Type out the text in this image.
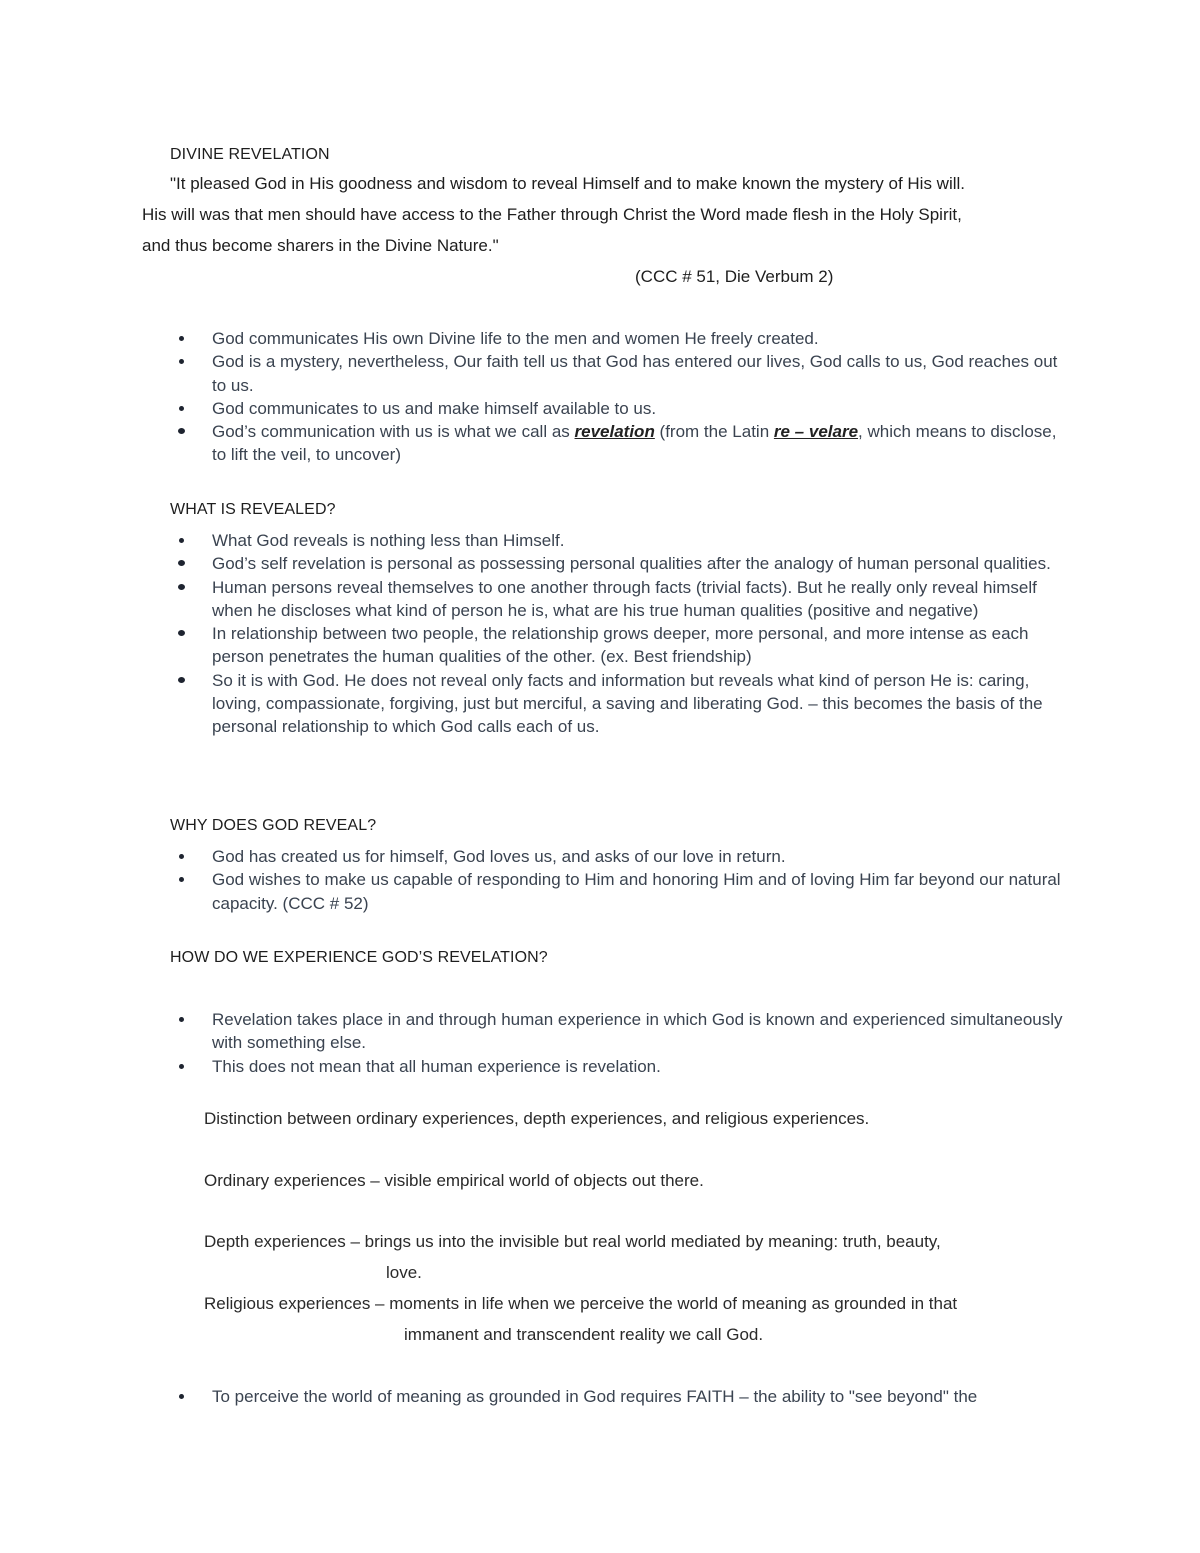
DIVINE REVELATION
"It pleased God in His goodness and wisdom to reveal Himself and to make known the mystery of His will.
His will was that men should have access to the Father through Christ the Word made flesh in the Holy Spirit,
and thus become sharers in the Divine Nature."
(CCC # 51, Die Verbum 2)
God communicates His own Divine life to the men and women He freely created.
God is a mystery, nevertheless, Our faith tell us that God has entered our lives, God calls to us, God reaches out to us.
God communicates to us and make himself available to us.
God’s communication with us is what we call as revelation (from the Latin re – velare, which means to disclose, to lift the veil, to uncover)
WHAT IS REVEALED?
What God reveals is nothing less than Himself.
God’s self revelation is personal as possessing personal qualities after the analogy of human personal qualities.
Human persons reveal themselves to one another through facts (trivial facts). But he really only reveal himself when he discloses what kind of person he is, what are his true human qualities (positive and negative)
In relationship between two people, the relationship grows deeper, more personal, and more intense as each person penetrates the human qualities of the other. (ex. Best friendship)
So it is with God. He does not reveal only facts and information but reveals what kind of person He is: caring, loving, compassionate, forgiving, just but merciful, a saving and liberating God. – this becomes the basis of the personal relationship to which God calls each of us.
WHY DOES GOD REVEAL?
God has created us for himself, God loves us, and asks of our love in return.
God wishes to make us capable of responding to Him and honoring Him and of loving Him far beyond our natural capacity. (CCC # 52)
HOW DO WE EXPERIENCE GOD’S REVELATION?
Revelation takes place in and through human experience in which God is known and experienced simultaneously with something else.
This does not mean that all human experience is revelation.
Distinction between ordinary experiences, depth experiences, and religious experiences.
Ordinary experiences – visible empirical world of objects out there.
Depth experiences – brings us into the invisible but real world mediated by meaning: truth, beauty,
love.
Religious experiences – moments in life when we perceive the world of meaning as grounded in that
immanent and transcendent reality we call God.
To perceive the world of meaning as grounded in God requires FAITH – the ability to "see beyond" the
